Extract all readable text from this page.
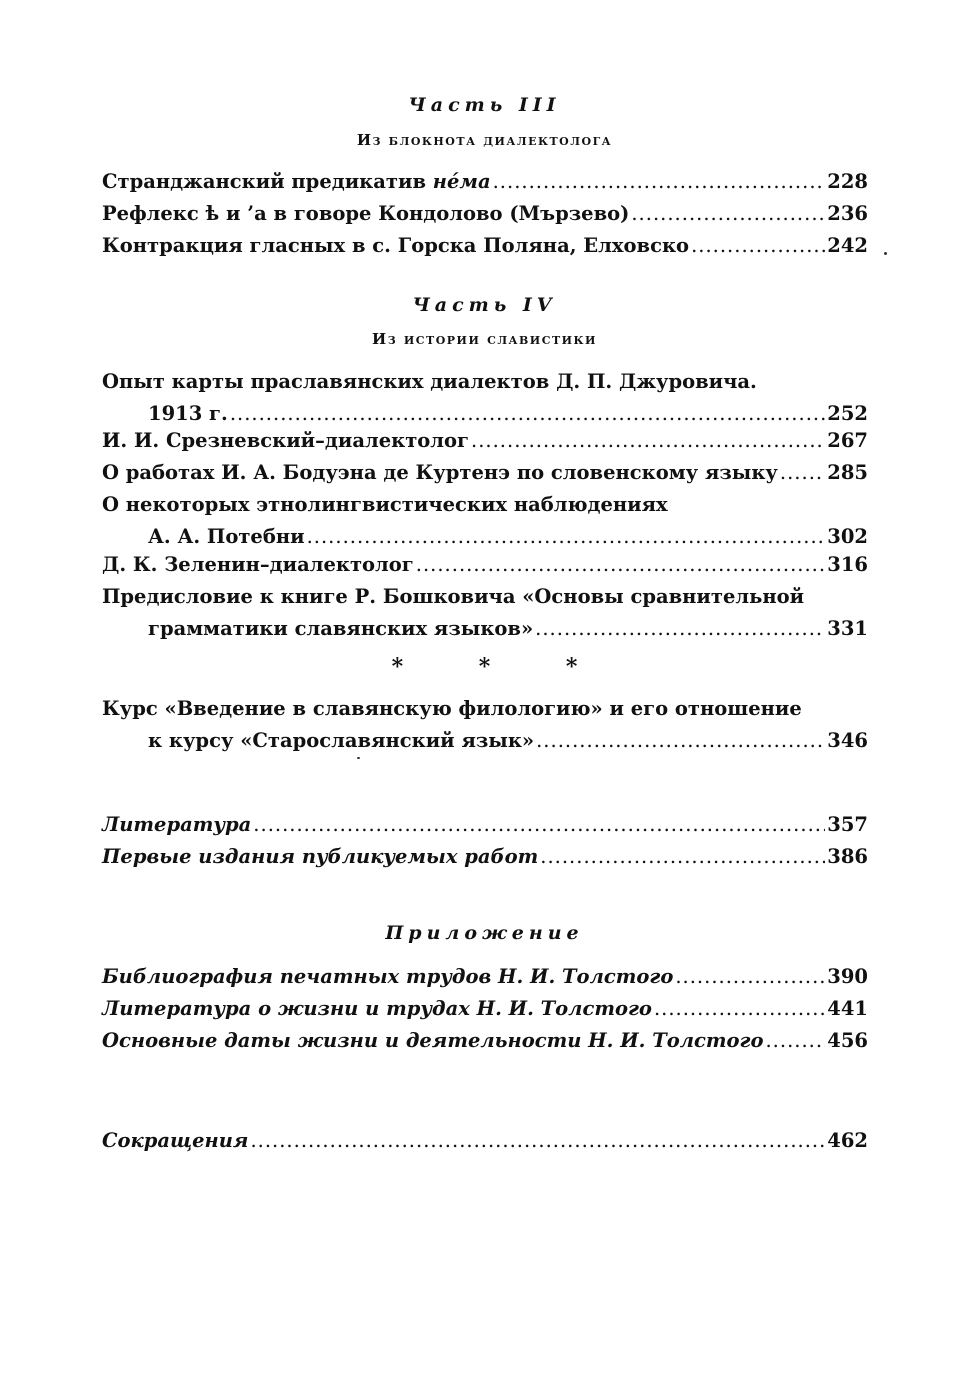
Часть III
Из блокнота диалектолога
Странджанский предикатив нéма .....	228
Рефлекс ѣ и ’а в говоре Кондолово (Мързево) .....	236
Контракция гласных в с. Горска Поляна, Елховско .....	242
Часть IV
Из истории славистики
Опыт карты праславянских диалектов Д. П. Джуровича.
1913 г. .....	252
И. И. Срезневский–диалектолог .....	267
О работах И. А. Бодуэна де Куртенэ по словенскому языку .....	285
О некоторых этнолингвистических наблюдениях
А. А. Потебни .....	302
Д. К. Зеленин–диалектолог .....	316
Предисловие к книге Р. Бошковича «Основы сравнительной
грамматики славянских языков» .....	331
* * *
Курс «Введение в славянскую филологию» и его отношение
к курсу «Старославянский язык» .....	346
Литература .....	357
Первые издания публикуемых работ .....	386
Приложение
Библиография печатных трудов Н. И. Толстого .....	390
Литература о жизни и трудах Н. И. Толстого .....	441
Основные даты жизни и деятельности Н. И. Толстого .....	456
Сокращения .....	462
